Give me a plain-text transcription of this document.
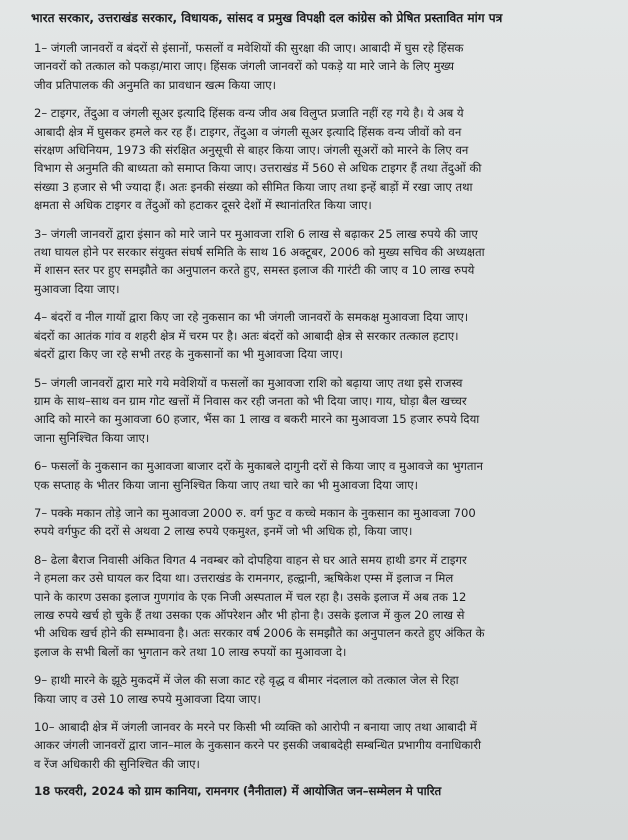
भारत सरकार, उत्तराखंड सरकार, विधायक, सांसद व प्रमुख विपक्षी दल कांग्रेस को प्रेषित प्रस्तावित मांग पत्र
1– जंगली जानवरों व बंदरों से इंसानों, फसलों व मवेशियों की सुरक्षा की जाए। आबादी में घुस रहे हिंसक
जानवरों को तत्काल को पकड़ा/मारा जाए। हिंसक जंगली जानवरों को पकड़े या मारे जाने के लिए मुख्य
जीव प्रतिपालक की अनुमति का प्रावधान खत्म किया जाए।
2– टाइगर, तेंदुआ व जंगली सूअर इत्यादि हिंसक वन्य जीव अब विलुप्त प्रजाति नहीं रह गये है। ये अब ये
आबादी क्षेत्र में घुसकर हमले कर रह हैं। टाइगर, तेंदुआ व जंगली सूअर इत्यादि हिंसक वन्य जीवों को वन
संरक्षण अधिनियम, 1973 की संरक्षित अनुसूची से बाहर किया जाए। जंगली सूअरों को मारने के लिए वन
विभाग से अनुमति की बाध्यता को समाप्त किया जाए। उत्तराखंड में 560 से अधिक टाइगर हैं तथा तेंदुओं की
संख्या 3 हजार से भी ज्यादा हैं। अतः इनकी संख्या को सीमित किया जाए तथा इन्हें बाड़ों में रखा जाए तथा
क्षमता से अधिक टाइगर व तेंदुओं को हटाकर दूसरे देशों में स्थानांतरित किया जाए।
3– जंगली जानवरों द्वारा इंसान को मारे जाने पर मुआवजा राशि 6 लाख से बढ़ाकर 25 लाख रुपये की जाए
तथा घायल होने पर सरकार संयुक्त संघर्ष समिति के साथ 16 अक्टूबर, 2006 को मुख्य सचिव की अध्यक्षता
में शासन स्तर पर हुए समझौते का अनुपालन करते हुए, समस्त इलाज की गारंटी की जाए व 10 लाख रुपये
मुआवजा दिया जाए।
4– बंदरों व नील गायों द्वारा किए जा रहे नुकसान का भी जंगली जानवरों के समकक्ष मुआवजा दिया जाए।
बंदरों का आतंक गांव व शहरी क्षेत्र में चरम पर है। अतः बंदरों को आबादी क्षेत्र से सरकार तत्काल हटाए।
बंदरों द्वारा किए जा रहे सभी तरह के नुकसानों का भी मुआवजा दिया जाए।
5– जंगली जानवरों द्वारा मारे गये मवेशियों व फसलों का मुआवजा राशि को बढ़ाया जाए तथा इसे राजस्व
ग्राम के साथ–साथ वन ग्राम गोट खत्तों में निवास कर रही जनता को भी दिया जाए। गाय, घोड़ा बैल खच्चर
आदि को मारने का मुआवजा 60 हजार, भैंस का 1 लाख व बकरी मारने का मुआवजा 15 हजार रुपये दिया
जाना सुनिश्चित किया जाए।
6– फसलों के नुकसान का मुआवजा बाजार दरों के मुकाबले दागुनी दरों से किया जाए व मुआवजे का भुगतान
एक सप्ताह के भीतर किया जाना सुनिश्चित किया जाए तथा चारे का भी मुआवजा दिया जाए।
7– पक्के मकान तोड़े जाने का मुआवजा 2000 रु. वर्ग फुट व कच्चे मकान के नुकसान का मुआवजा 700
रुपये वर्गफुट की दरों से अथवा 2 लाख रुपये एकमुश्त, इनमें जो भी अधिक हो, किया जाए।
8– ढेला बैराज निवासी अंकित विगत 4 नवम्बर को दोपहिया वाहन से घर आते समय हाथी डगर में टाइगर
ने हमला कर उसे घायल कर दिया था। उत्तराखंड के रामनगर, हल्द्वानी, ऋषिकेश एम्स में इलाज न मिल
पाने के कारण उसका इलाज गुणगांव के एक निजी अस्पताल में चल रहा है। उसके इलाज में अब तक 12
लाख रुपये खर्च हो चुके हैं तथा उसका एक ऑपरेशन और भी होना है। उसके इलाज में कुल 20 लाख से
भी अधिक खर्च होने की सम्भावना है। अतः सरकार वर्ष 2006 के समझौते का अनुपालन करते हुए अंकित के
इलाज के सभी बिलों का भुगतान करे तथा 10 लाख रुपयों का मुआवजा दे।
9– हाथी मारने के झूठे मुकदमें में जेल की सजा काट रहे वृद्ध व बीमार नंदलाल को तत्काल जेल से रिहा
किया जाए व उसे 10 लाख रुपये मुआवजा दिया जाए।
10– आबादी क्षेत्र में जंगली जानवर के मरने पर किसी भी व्यक्ति को आरोपी न बनाया जाए तथा आबादी में
आकर जंगली जानवरों द्वारा जान–माल के नुकसान करने पर इसकी जबाबदेही सम्बन्धित प्रभागीय वनाधिकारी
व रेंज अधिकारी की सुनिश्चित की जाए।
18 फरवरी, 2024 को ग्राम कानिया, रामनगर (नैनीताल) में आयोजित जन–सम्मेलन मे पारित
